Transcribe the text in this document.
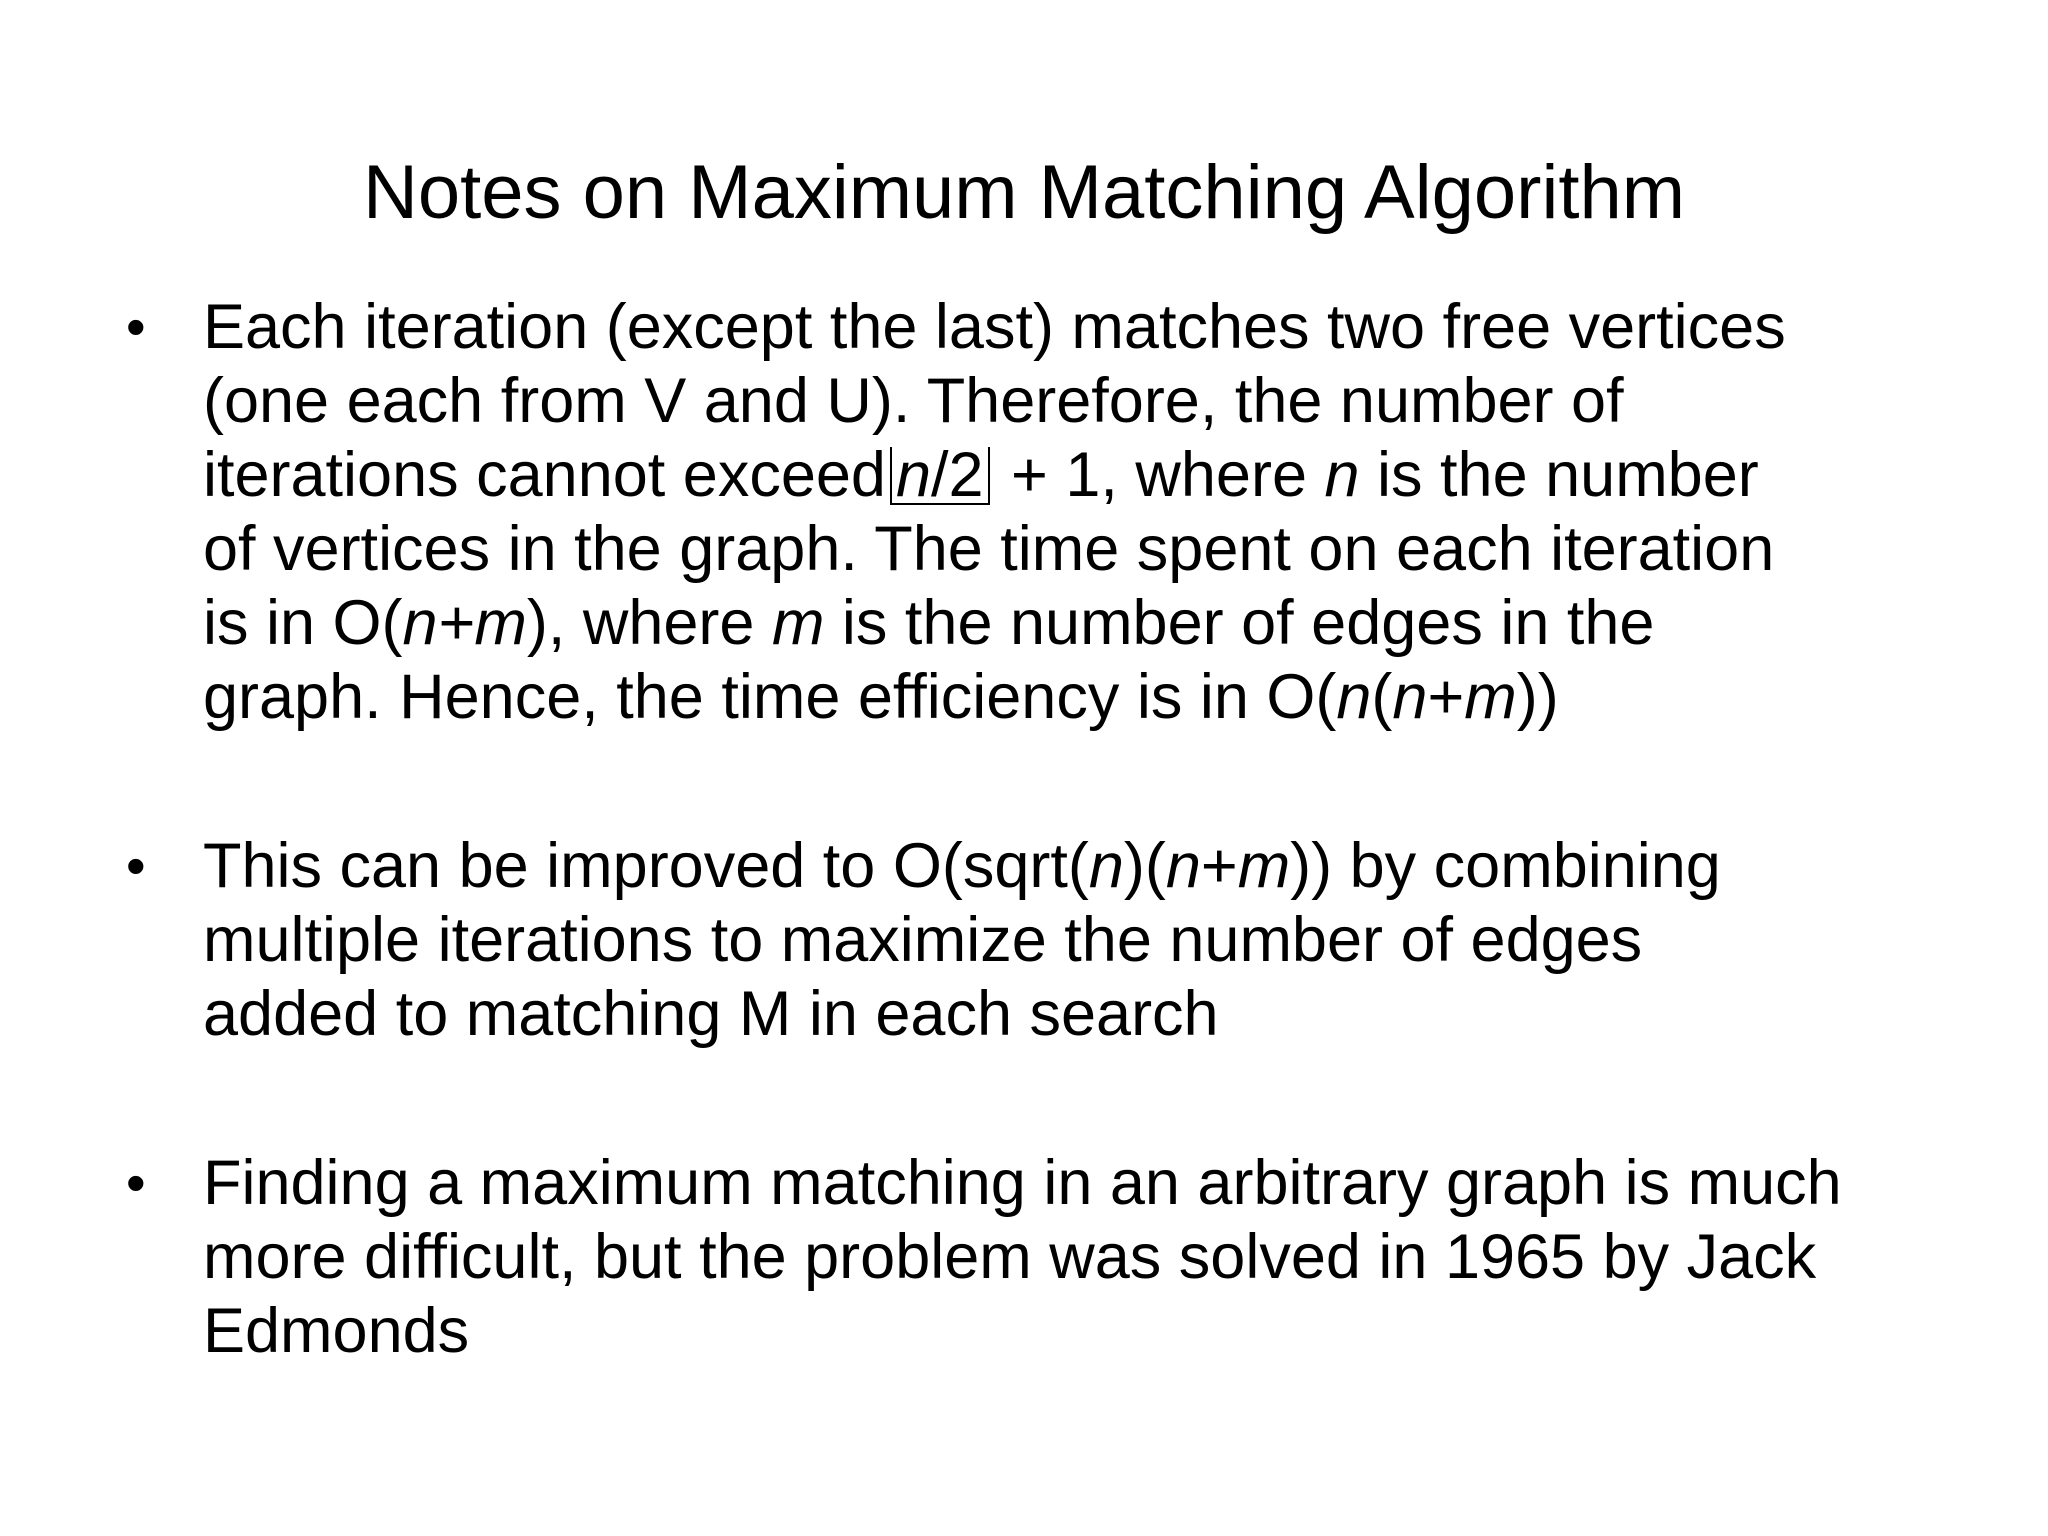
Notes on Maximum Matching Algorithm
• Each iteration (except the last) matches two free vertices
(one each from V and U). Therefore, the number of
iterations cannot exceed n/2 + 1, where n is the number
of vertices in the graph. The time spent on each iteration
is in O(n+m), where m is the number of edges in the
graph. Hence, the time efficiency is in O(n(n+m))
• This can be improved to O(sqrt(n)(n+m)) by combining
multiple iterations to maximize the number of edges
added to matching M in each search
• Finding a maximum matching in an arbitrary graph is much
more difficult, but the problem was solved in 1965 by Jack
Edmonds
